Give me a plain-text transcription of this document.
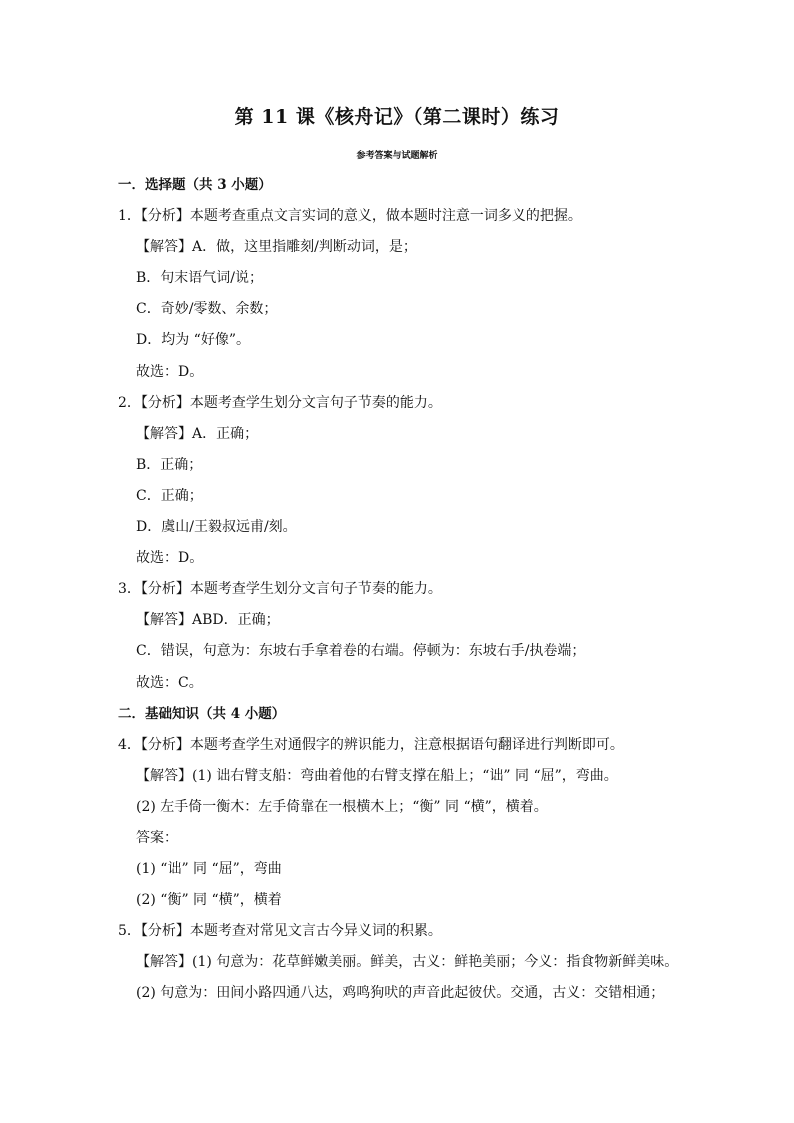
第 11 课《核舟记》（第二课时）练习
参考答案与试题解析
一．选择题（共 3 小题）
1．【分析】本题考查重点文言实词的意义，做本题时注意一词多义的把握。
【解答】A．做，这里指雕刻/判断动词，是；
B．句末语气词/说；
C．奇妙/零数、余数；
D．均为 “好像”。
故选：D。
2．【分析】本题考查学生划分文言句子节奏的能力。
【解答】A．正确；
B．正确；
C．正确；
D．虞山/王毅叔远甫/刻。
故选：D。
3．【分析】本题考查学生划分文言句子节奏的能力。
【解答】ABD．正确；
C．错误，句意为：东坡右手拿着卷的右端。停顿为：东坡右手/执卷端；
故选：C。
二．基础知识（共 4 小题）
4．【分析】本题考查学生对通假字的辨识能力，注意根据语句翻译进行判断即可。
【解答】(1) 诎右臂支船：弯曲着他的右臂支撑在船上；“诎” 同 “屈”，弯曲。
(2) 左手倚一衡木：左手倚靠在一根横木上；“衡” 同 “横”，横着。
答案：
(1) “诎” 同 “屈”，弯曲
(2) “衡” 同 “横”，横着
5．【分析】本题考查对常见文言古今异义词的积累。
【解答】(1) 句意为：花草鲜嫩美丽。鲜美，古义：鲜艳美丽；今义：指食物新鲜美味。
(2) 句意为：田间小路四通八达，鸡鸣狗吠的声音此起彼伏。交通，古义：交错相通；
